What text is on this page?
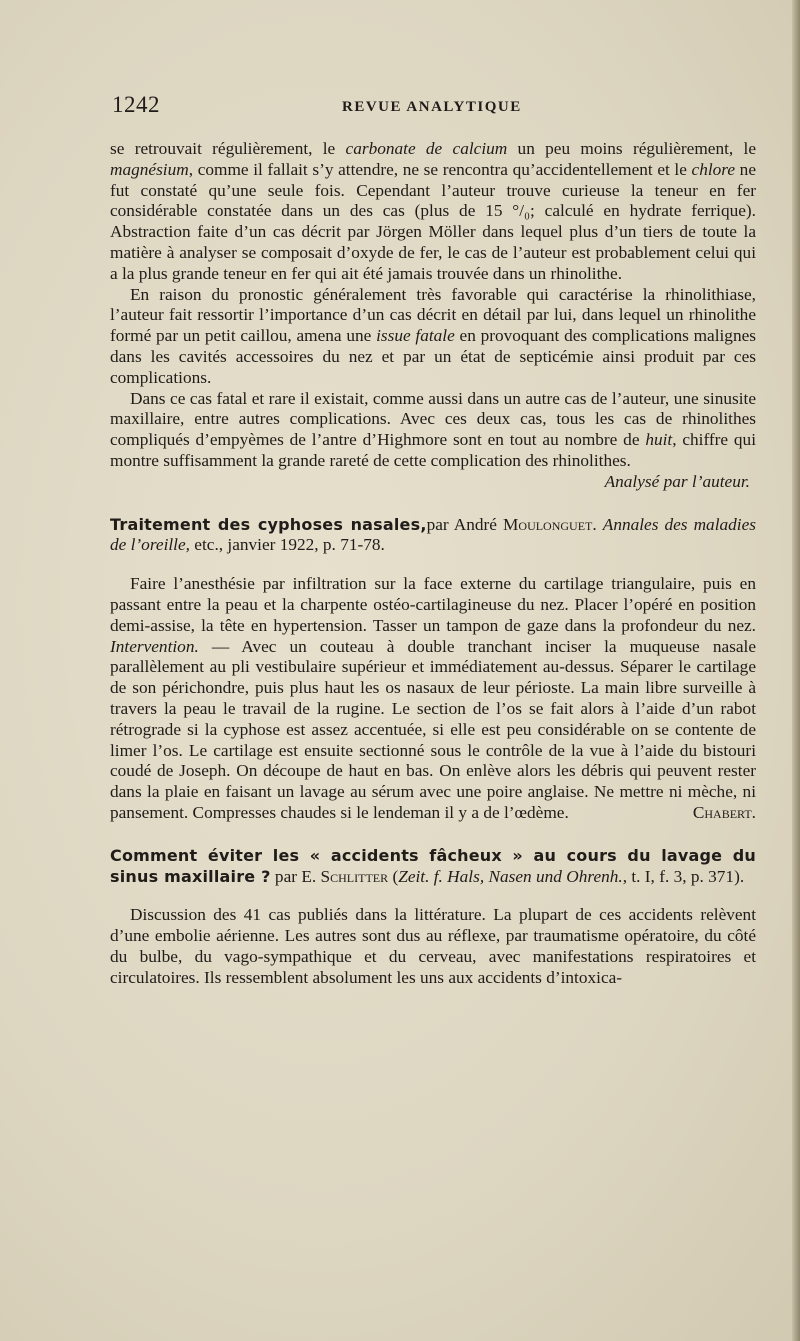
1242	REVUE ANALYTIQUE

se retrouvait régulièrement, le carbonate de calcium un peu moins régulièrement, le magnésium, comme il fallait s’y attendre, ne se rencontra qu’accidentellement et le chlore ne fut constaté qu’une seule fois. Cependant l’auteur trouve curieuse la teneur en fer considérable constatée dans un des cas (plus de 15 °/₀; calculé en hydrate ferrique). Abstraction faite d’un cas décrit par Jörgen Möller dans lequel plus d’un tiers de toute la matière à analyser se composait d’oxyde de fer, le cas de l’auteur est probablement celui qui a la plus grande teneur en fer qui ait été jamais trouvée dans un rhinolithe.

En raison du pronostic généralement très favorable qui caractérise la rhinolithiase, l’auteur fait ressortir l’importance d’un cas décrit en détail par lui, dans lequel un rhinolithe formé par un petit caillou, amena une issue fatale en provoquant des complications malignes dans les cavités accessoires du nez et par un état de septicémie ainsi produit par ces complications.

Dans ce cas fatal et rare il existait, comme aussi dans un autre cas de l’auteur, une sinusite maxillaire, entre autres complications. Avec ces deux cas, tous les cas de rhinolithes compliqués d’empyèmes de l’antre d’Highmore sont en tout au nombre de huit, chiffre qui montre suffisamment la grande rareté de cette complication des rhinolithes.
Analysé par l’auteur.

Traitement des cyphoses nasales,par André Moulonguet. Annales des maladies de l’oreille, etc., janvier 1922, p. 71-78.

Faire l’anesthésie par infiltration sur la face externe du cartilage triangulaire, puis en passant entre la peau et la charpente ostéo-cartilagineuse du nez. Placer l’opéré en position demi-assise, la tête en hypertension. Tasser un tampon de gaze dans la profondeur du nez. Intervention. — Avec un couteau à double tranchant inciser la muqueuse nasale parallèlement au pli vestibulaire supérieur et immédiatement au-dessus. Séparer le cartilage de son périchondre, puis plus haut les os nasaux de leur périoste. La main libre surveille à travers la peau le travail de la rugine. Le section de l’os se fait alors à l’aide d’un rabot rétrograde si la cyphose est assez accentuée, si elle est peu considérable on se contente de limer l’os. Le cartilage est ensuite sectionné sous le contrôle de la vue à l’aide du bistouri coudé de Joseph. On découpe de haut en bas. On enlève alors les débris qui peuvent rester dans la plaie en faisant un lavage au sérum avec une poire anglaise. Ne mettre ni mèche, ni pansement. Compresses chaudes si le lendeman il y a de l’œdème.	Chabert.

Comment éviter les « accidents fâcheux » au cours du lavage du sinus maxillaire ? par E. Schlitter (Zeit. f. Hals, Nasen und Ohrenh., t. I, f. 3, p. 371).

Discussion des 41 cas publiés dans la littérature. La plupart de ces accidents relèvent d’une embolie aérienne. Les autres sont dus au réflexe, par traumatisme opératoire, du côté du bulbe, du vago-sympathique et du cerveau, avec manifestations respiratoires et circulatoires. Ils ressemblent absolument les uns aux accidents d’intoxica-
